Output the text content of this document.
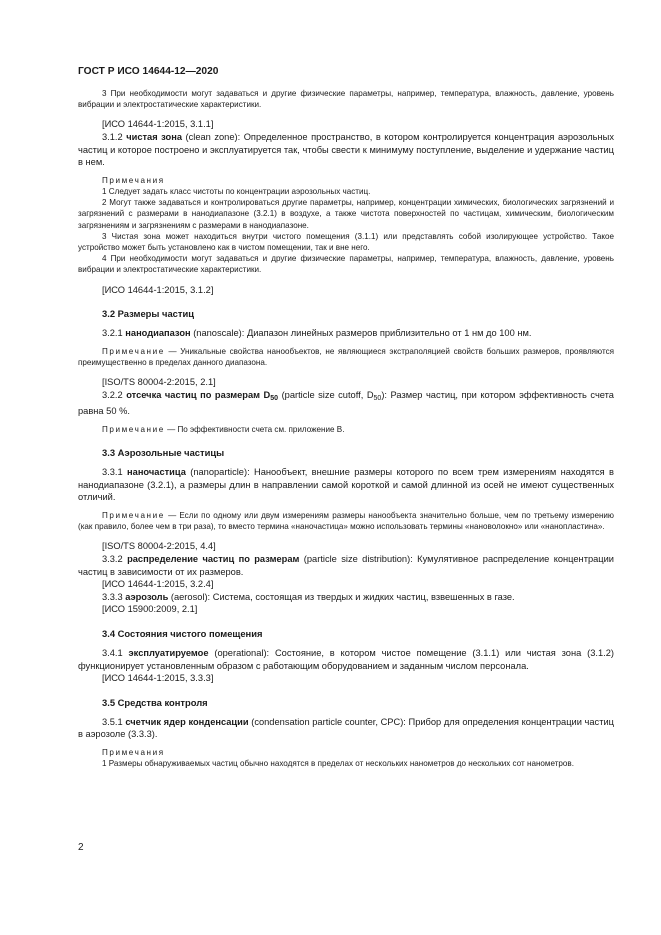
ГОСТ Р ИСО 14644-12—2020

3 При необходимости могут задаваться и другие физические параметры, например, температура, влажность, давление, уровень вибрации и электростатические характеристики.

[ИСО 14644-1:2015, 3.1.1]

3.1.2 чистая зона (clean zone): Определенное пространство, в котором контролируется концентрация аэрозольных частиц и которое построено и эксплуатируется так, чтобы свести к минимуму поступление, выделение и удержание частиц в нем.

Примечания

1 Следует задать класс чистоты по концентрации аэрозольных частиц.

2 Могут также задаваться и контролироваться другие параметры, например, концентрации химических, биологических загрязнений и загрязнений с размерами в нанодиапазоне (3.2.1) в воздухе, а также чистота поверхностей по частицам, химическим, биологическим загрязнениям и загрязнениям с размерами в нанодиапазоне.

3 Чистая зона может находиться внутри чистого помещения (3.1.1) или представлять собой изолирующее устройство. Такое устройство может быть установлено как в чистом помещении, так и вне него.

4 При необходимости могут задаваться и другие физические параметры, например, температура, влажность, давление, уровень вибрации и электростатические характеристики.

[ИСО 14644-1:2015, 3.1.2]

3.2 Размеры частиц

3.2.1 нанодиапазон (nanoscale): Диапазон линейных размеров приблизительно от 1 нм до 100 нм.

Примечание — Уникальные свойства нанообъектов, не являющиеся экстраполяцией свойств больших размеров, проявляются преимущественно в пределах данного диапазона.

[ISO/TS 80004-2:2015, 2.1]

3.2.2 отсечка частиц по размерам $D_{50}$ (particle size cutoff, $D_{50}$): Размер частиц, при котором эффективность счета равна 50 %.

Примечание — По эффективности счета см. приложение В.

3.3 Аэрозольные частицы

3.3.1 наночастица (nanoparticle): Нанообъект, внешние размеры которого по всем трем измерениям находятся в нанодиапазоне (3.2.1), а размеры длин в направлении самой короткой и самой длинной из осей не имеют существенных отличий.

Примечание — Если по одному или двум измерениям размеры нанообъекта значительно больше, чем по третьему измерению (как правило, более чем в три раза), то вместо термина «наночастица» можно использовать термины «нановолокно» или «нанопластина».

[ISO/TS 80004-2:2015, 4.4]

3.3.2 распределение частиц по размерам (particle size distribution): Кумулятивное распределение концентрации частиц в зависимости от их размеров.

[ИСО 14644-1:2015, 3.2.4]

3.3.3 аэрозоль (aerosol): Система, состоящая из твердых и жидких частиц, взвешенных в газе.

[ИСО 15900:2009, 2.1]

3.4 Состояния чистого помещения

3.4.1 эксплуатируемое (operational): Состояние, в котором чистое помещение (3.1.1) или чистая зона (3.1.2) функционирует установленным образом с работающим оборудованием и заданным числом персонала.

[ИСО 14644-1:2015, 3.3.3]

3.5 Средства контроля

3.5.1 счетчик ядер конденсации (condensation particle counter, CPC): Прибор для определения концентрации частиц в аэрозоле (3.3.3).

Примечания

1 Размеры обнаруживаемых частиц обычно находятся в пределах от нескольких нанометров до нескольких сот нанометров.

2
